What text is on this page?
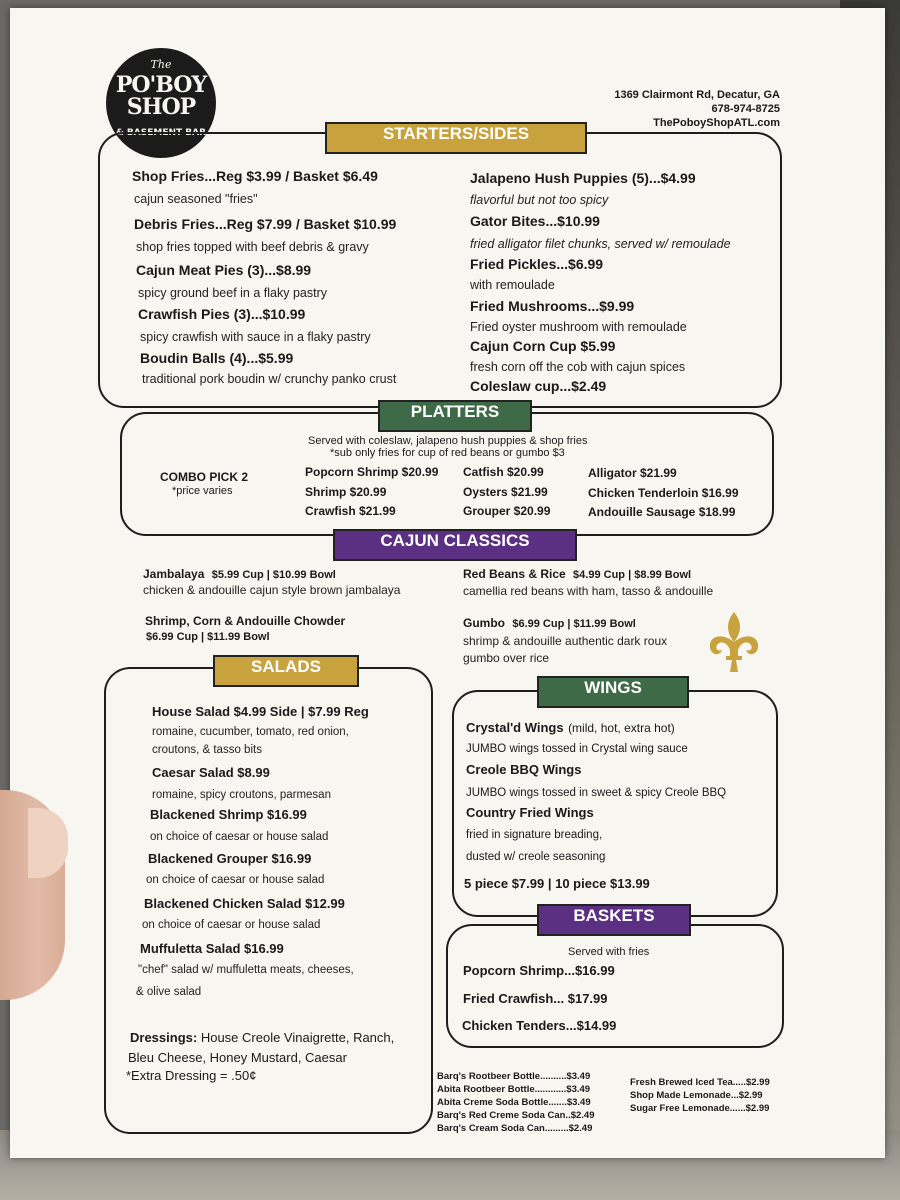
The
PO'BOY SHOP
& BASEMENT BAR
1369 Clairmont Rd, Decatur, GA
678-974-8725
ThePoboyShopATL.com
STARTERS/SIDES
Shop Fries...Reg $3.99 / Basket $6.49
cajun seasoned "fries"
Debris Fries...Reg $7.99 / Basket $10.99
shop fries topped with beef debris & gravy
Cajun Meat Pies (3)...$8.99
spicy ground beef in a flaky pastry
Crawfish Pies (3)...$10.99
spicy crawfish with sauce in a flaky pastry
Boudin Balls (4)...$5.99
traditional pork boudin w/ crunchy panko crust
Jalapeno Hush Puppies (5)...$4.99
flavorful but not too spicy
Gator Bites...$10.99
fried alligator filet chunks, served w/ remoulade
Fried Pickles...$6.99
with remoulade
Fried Mushrooms...$9.99
Fried oyster mushroom with remoulade
Cajun Corn Cup $5.99
fresh corn off the cob with cajun spices
Coleslaw cup...$2.49
PLATTERS
Served with coleslaw, jalapeno hush puppies & shop fries
*sub only fries for cup of red beans or gumbo $3
COMBO PICK 2
*price varies
Popcorn Shrimp $20.99
Shrimp $20.99
Crawfish $21.99
Catfish $20.99
Oysters $21.99
Grouper $20.99
Alligator $21.99
Chicken Tenderloin $16.99
Andouille Sausage $18.99
CAJUN CLASSICS
Jambalaya $5.99 Cup | $10.99 Bowl
chicken & andouille cajun style brown jambalaya
Shrimp, Corn & Andouille Chowder
$6.99 Cup | $11.99 Bowl
Red Beans & Rice $4.99 Cup | $8.99 Bowl
camellia red beans with ham, tasso & andouille
Gumbo $6.99 Cup | $11.99 Bowl
shrimp & andouille authentic dark roux
gumbo over rice
SALADS
House Salad $4.99 Side | $7.99 Reg
romaine, cucumber, tomato, red onion,
croutons, & tasso bits
Caesar Salad $8.99
romaine, spicy croutons, parmesan
Blackened Shrimp $16.99
on choice of caesar or house salad
Blackened Grouper $16.99
on choice of caesar or house salad
Blackened Chicken Salad $12.99
on choice of caesar or house salad
Muffuletta Salad $16.99
"chef" salad w/ muffuletta meats, cheeses,
& olive salad
Dressings: House Creole Vinaigrette, Ranch,
Bleu Cheese, Honey Mustard, Caesar
*Extra Dressing = .50¢
WINGS
Crystal'd Wings (mild, hot, extra hot)
JUMBO wings tossed in Crystal wing sauce
Creole BBQ Wings
JUMBO wings tossed in sweet & spicy Creole BBQ
Country Fried Wings
fried in signature breading,
dusted w/ creole seasoning
5 piece $7.99 | 10 piece $13.99
BASKETS
Served with fries
Popcorn Shrimp...$16.99
Fried Crawfish... $17.99
Chicken Tenders...$14.99
Barq's Rootbeer Bottle..........$3.49
Abita Rootbeer Bottle............$3.49
Abita Creme Soda Bottle.......$3.49
Barq's Red Creme Soda Can..$2.49
Barq's Cream Soda Can.........$2.49
Fresh Brewed Iced Tea.....$2.99
Shop Made Lemonade...$2.99
Sugar Free Lemonade......$2.99
